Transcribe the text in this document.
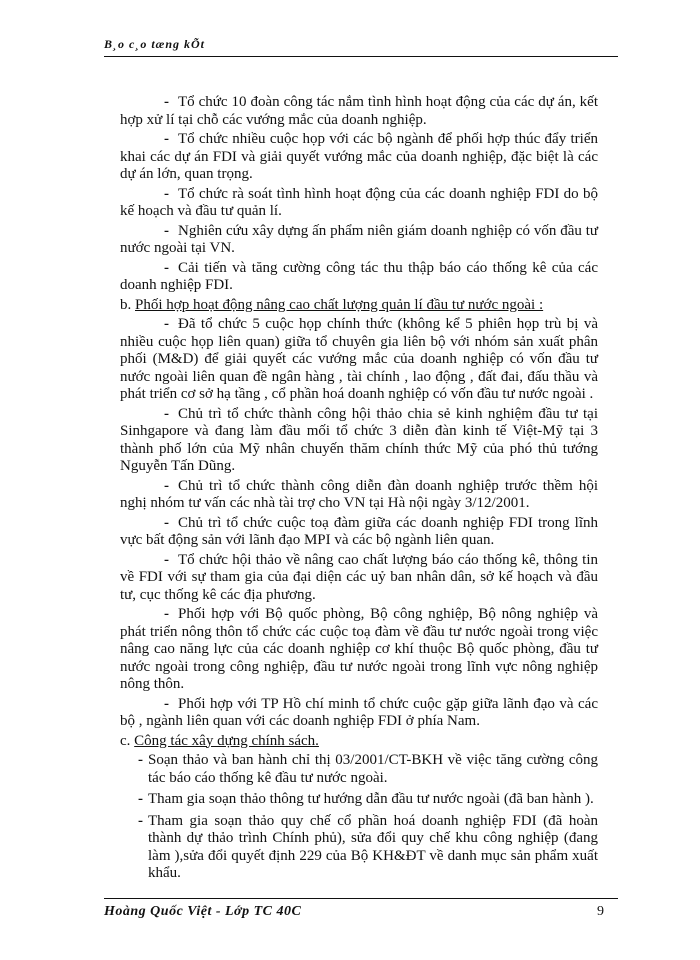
B¸o c¸o tæng kÕt

- Tổ chức 10 đoàn công tác nắm tình hình hoạt động của các dự án, kết hợp xử lí tại chỗ các vướng mắc của doanh nghiệp.

- Tổ chức nhiều cuộc họp với các bộ ngành để phối hợp thúc đẩy triển khai các dự án FDI và giải quyết vướng mắc của doanh nghiệp, đặc biệt là các dự án lớn, quan trọng.

- Tổ chức rà soát tình hình hoạt động của các doanh nghiệp FDI do bộ kế hoạch và đầu tư quản lí.

- Nghiên cứu xây dựng ấn phẩm niên giám doanh nghiệp có vốn đầu tư nước ngoài tại VN.

- Cải tiến và tăng cường công tác thu thập báo cáo thống kê của các doanh nghiệp FDI.

b. Phối hợp hoạt động nâng cao chất lượng quản lí đầu tư nước ngoài :

- Đã tổ chức 5 cuộc họp chính thức (không kể 5 phiên họp trù bị và nhiều cuộc họp liên quan) giữa tổ chuyên gia liên bộ với nhóm sản xuất phân phối (M&D) để giải quyết các vướng mắc của doanh nghiệp có vốn đầu tư nước ngoài liên quan đề ngân hàng , tài chính , lao động , đất đai, đấu thầu và phát triển cơ sở hạ tầng , cổ phần hoá doanh nghiệp có vốn đầu tư nước ngoài .

- Chủ trì tổ chức thành công hội thảo chia sẻ kinh nghiệm đầu tư tại Sinhgapore và đang làm đầu mối tổ chức 3 diễn đàn kinh tế Việt-Mỹ tại 3 thành phố lớn của Mỹ nhân chuyến thăm chính thức Mỹ của phó thủ tướng Nguyễn Tấn Dũng.

- Chủ trì tổ chức thành công diễn đàn doanh nghiệp trước thềm hội nghị nhóm tư vấn các nhà tài trợ cho VN tại Hà nội ngày 3/12/2001.

- Chủ trì tổ chức cuộc toạ đàm giữa các doanh nghiệp FDI trong lĩnh vực bất động sản với lãnh đạo MPI và các bộ ngành liên quan.

- Tổ chức hội thảo về nâng cao chất lượng báo cáo thống kê, thông tin về FDI với sự tham gia của đại diện các uỷ ban nhân dân, sở kế hoạch và đầu tư, cục thống kê các địa phương.

- Phối hợp với Bộ quốc phòng, Bộ công nghiệp, Bộ nông nghiệp và phát triển nông thôn tổ chức các cuộc toạ đàm về đầu tư nước ngoài trong việc nâng cao năng lực của các doanh nghiệp cơ khí thuộc Bộ quốc phòng, đầu tư nước ngoài trong công nghiệp, đầu tư nước ngoài trong lĩnh vực nông nghiệp nông thôn.

- Phối hợp với TP Hồ chí minh tổ chức cuộc gặp giữa lãnh đạo và các bộ , ngành liên quan với các doanh nghiệp FDI ở phía Nam.

c. Công tác xây dựng chính sách.

- Soạn thảo và ban hành chỉ thị 03/2001/CT-BKH về việc tăng cường công tác báo cáo thống kê đầu tư nước ngoài.

- Tham gia soạn thảo thông tư hướng dẫn đầu tư nước ngoài (đã ban hành ).

- Tham gia soạn thảo quy chế cổ phần hoá doanh nghiệp FDI (đã hoàn thành dự thảo trình Chính phủ), sửa đổi quy chế khu công nghiệp (đang làm ),sửa đổi quyết định 229 của Bộ KH&ĐT về danh mục sản phẩm xuất khẩu.

Hoàng Quốc Việt - Lớp TC 40C	9
